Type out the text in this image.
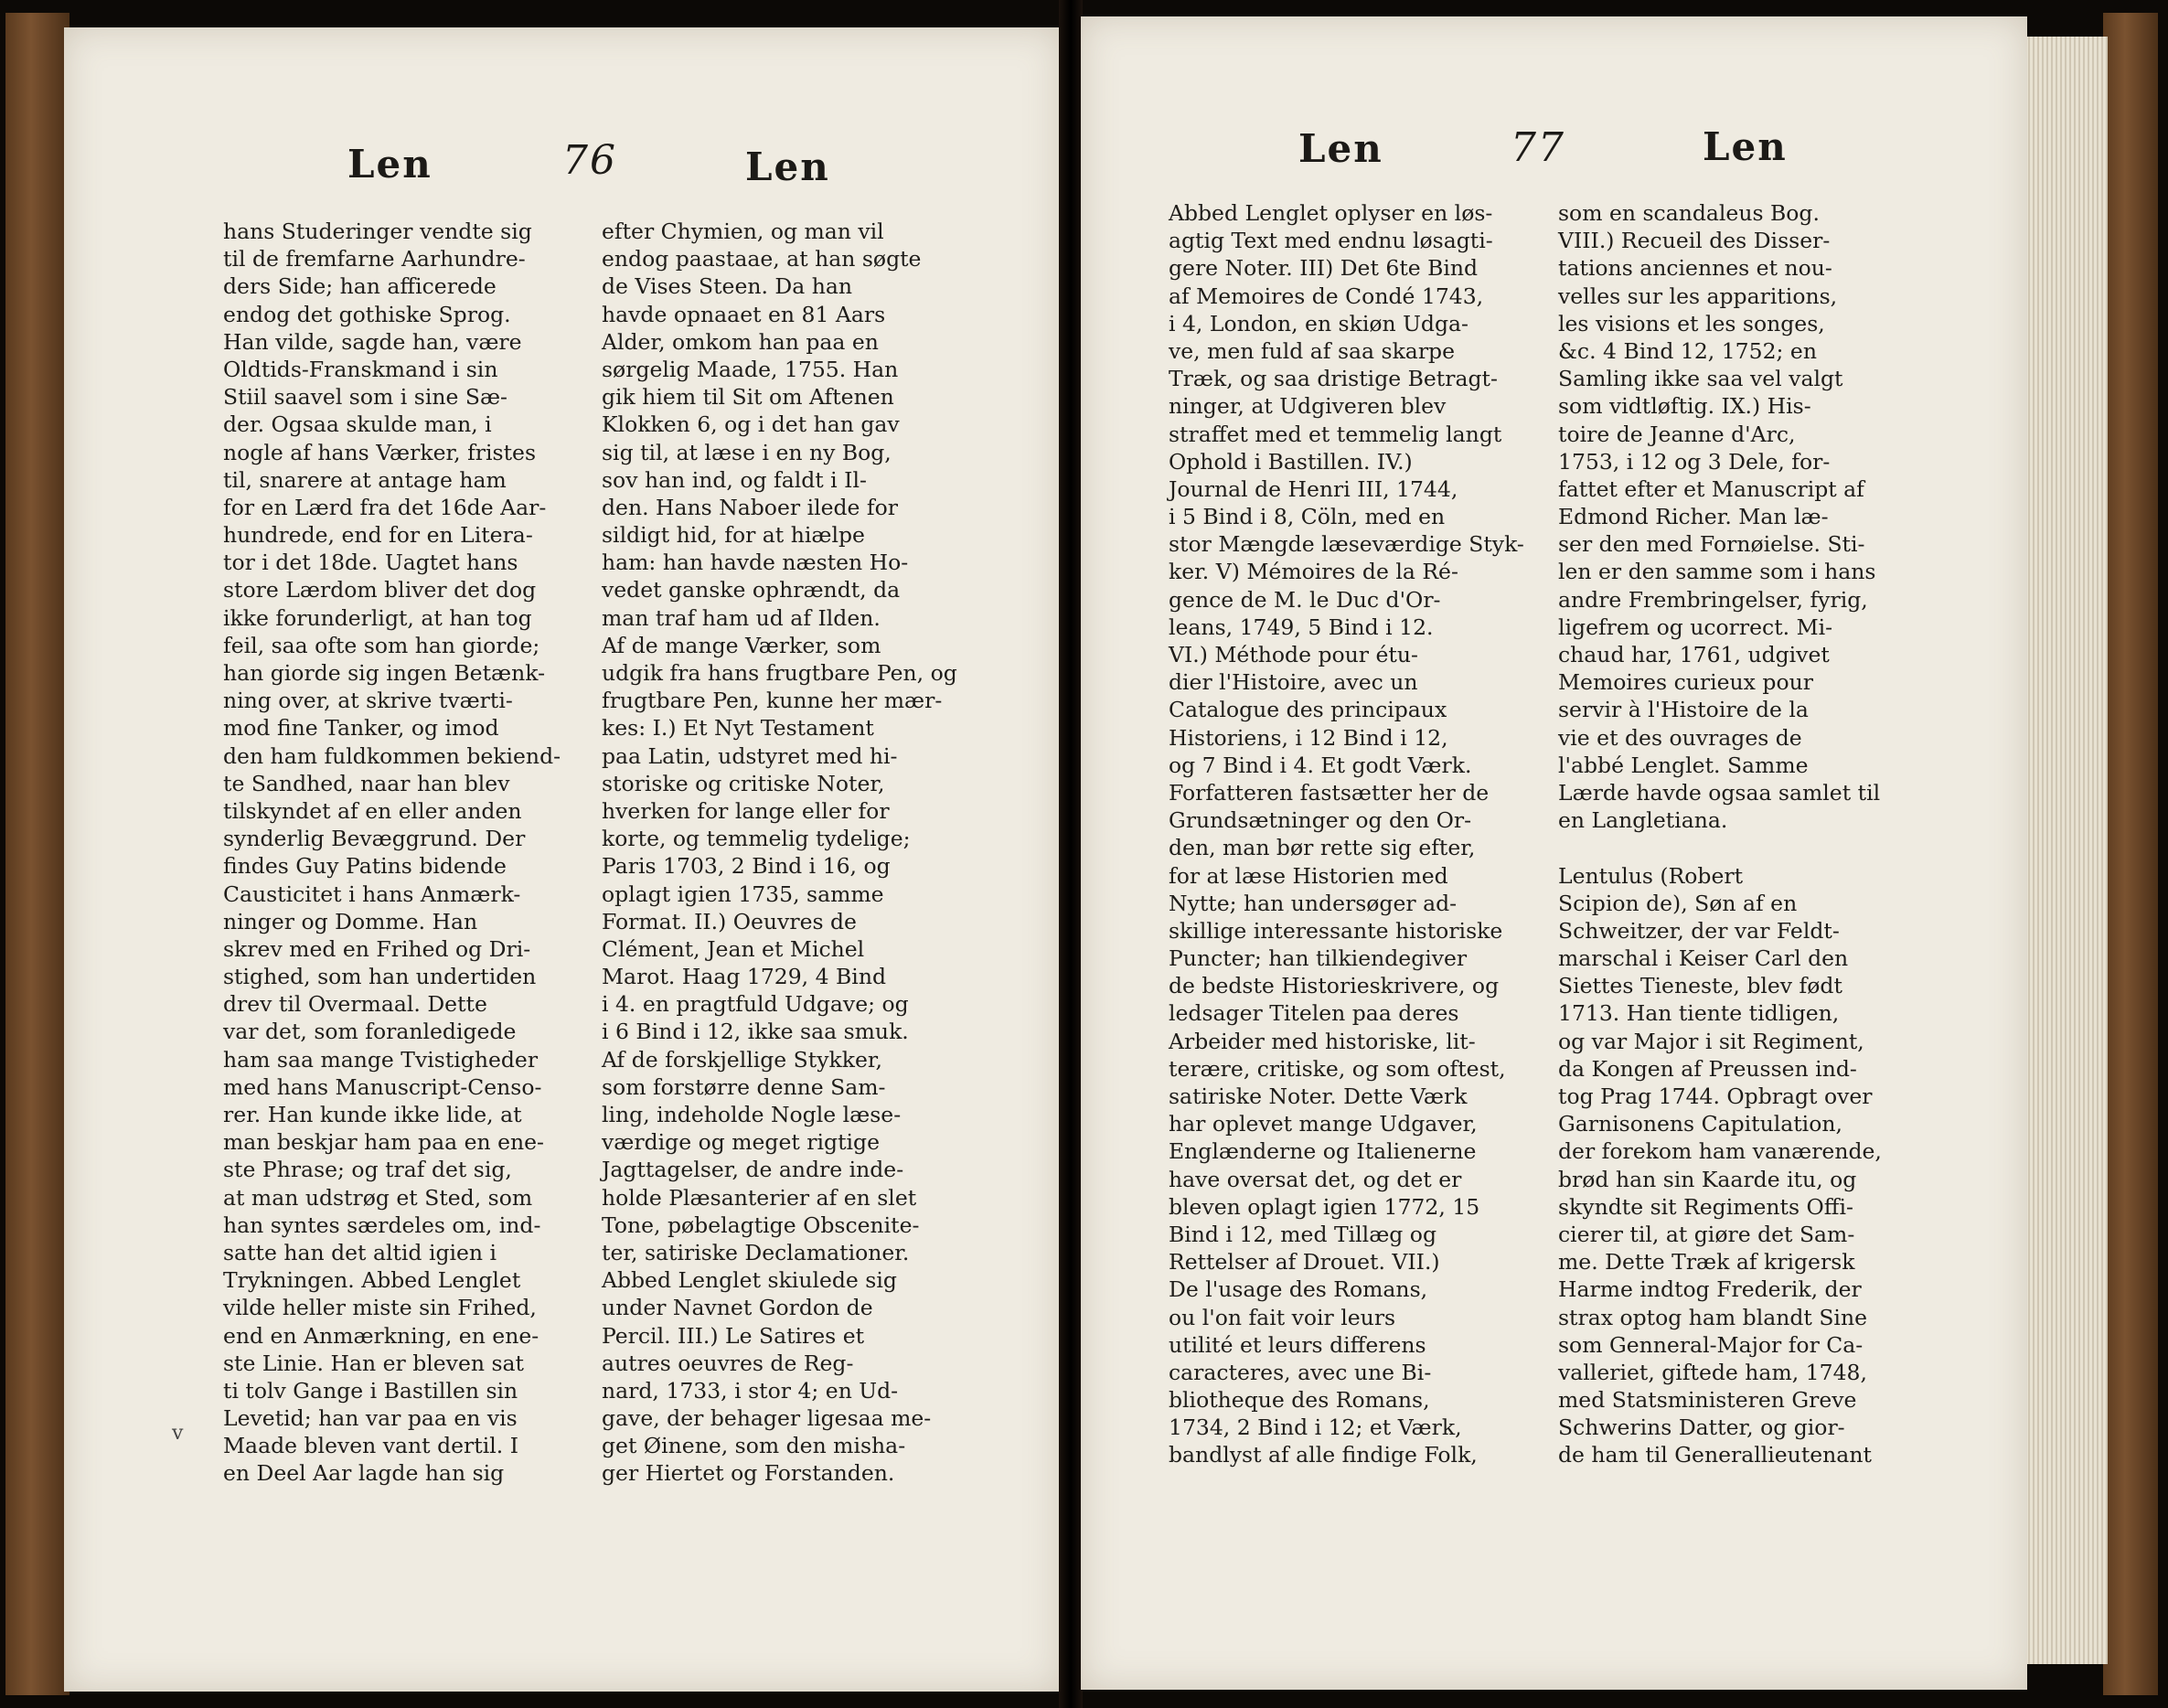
Len	76	Len
hans Studeringer vendte sig
til de fremfarne Aarhundre-
ders Side; han afficerede
endog det gothiske Sprog.
Han vilde, sagde han, være
Oldtids-Franskmand i sin
Stiil saavel som i sine Sæ-
der. Ogsaa skulde man, i
nogle af hans Værker, fristes
til, snarere at antage ham
for en Lærd fra det 16de Aar-
hundrede, end for en Litera-
tor i det 18de. Uagtet hans
store Lærdom bliver det dog
ikke forunderligt, at han tog
feil, saa ofte som han giorde;
han giorde sig ingen Betænk-
ning over, at skrive tværti-
mod fine Tanker, og imod
den ham fuldkommen bekiend-
te Sandhed, naar han blev
tilskyndet af en eller anden
synderlig Bevæggrund. Der
findes Guy Patins bidende
Causticitet i hans Anmærk-
ninger og Domme. Han
skrev med en Frihed og Dri-
stighed, som han undertiden
drev til Overmaal. Dette
var det, som foranledigede
ham saa mange Tvistigheder
med hans Manuscript-Censo-
rer. Han kunde ikke lide, at
man beskjar ham paa en ene-
ste Phrase; og traf det sig,
at man udstrøg et Sted, som
han syntes særdeles om, ind-
satte han det altid igien i
Trykningen. Abbed Lenglet
vilde heller miste sin Frihed,
end en Anmærkning, en ene-
ste Linie. Han er bleven sat
ti tolv Gange i Bastillen sin
Levetid; han var paa en vis
Maade bleven vant dertil. I
en Deel Aar lagde han sig
efter Chymien, og man vil
endog paastaae, at han søgte
de Vises Steen. Da han
havde opnaaet en 81 Aars
Alder, omkom han paa en
sørgelig Maade, 1755. Han
gik hiem til Sit om Aftenen
Klokken 6, og i det han gav
sig til, at læse i en ny Bog,
sov han ind, og faldt i Il-
den. Hans Naboer ilede for
sildigt hid, for at hiælpe
ham: han havde næsten Ho-
vedet ganske ophrændt, da
man traf ham ud af Ilden.
Af de mange Værker, som
udgik fra hans frugtbare Pen, og
frugtbare Pen, kunne her mær-
kes: I.) Et Nyt Testament
paa Latin, udstyret med hi-
storiske og critiske Noter,
hverken for lange eller for
korte, og temmelig tydelige;
Paris 1703, 2 Bind i 16, og
oplagt igien 1735, samme
Format. II.) Oeuvres de
Clément, Jean et Michel
Marot. Haag 1729, 4 Bind
i 4. en pragtfuld Udgave; og
i 6 Bind i 12, ikke saa smuk.
Af de forskjellige Stykker,
som forstørre denne Sam-
ling, indeholde Nogle læse-
værdige og meget rigtige
Jagttagelser, de andre inde-
holde Plæsanterier af en slet
Tone, pøbelagtige Obscenite-
ter, satiriske Declamationer.
Abbed Lenglet skiulede sig
under Navnet Gordon de
Percil. III.) Le Satires et
autres oeuvres de Reg-
nard, 1733, i stor 4; en Ud-
gave, der behager ligesaa me-
get Øinene, som den misha-
ger Hiertet og Forstanden.
v
Len	77	Len
Abbed Lenglet oplyser en løs-
agtig Text med endnu løsagti-
gere Noter. III) Det 6te Bind
af Memoires de Condé 1743,
i 4, London, en skiøn Udga-
ve, men fuld af saa skarpe
Træk, og saa dristige Betragt-
ninger, at Udgiveren blev
straffet med et temmelig langt
Ophold i Bastillen. IV.)
Journal de Henri III, 1744,
i 5 Bind i 8, Cöln, med en
stor Mængde læseværdige Styk-
ker. V) Mémoires de la Ré-
gence de M. le Duc d'Or-
leans, 1749, 5 Bind i 12.
VI.) Méthode pour étu-
dier l'Histoire, avec un
Catalogue des principaux
Historiens, i 12 Bind i 12,
og 7 Bind i 4. Et godt Værk.
Forfatteren fastsætter her de
Grundsætninger og den Or-
den, man bør rette sig efter,
for at læse Historien med
Nytte; han undersøger ad-
skillige interessante historiske
Puncter; han tilkiendegiver
de bedste Historieskrivere, og
ledsager Titelen paa deres
Arbeider med historiske, lit-
terære, critiske, og som oftest,
satiriske Noter. Dette Værk
har oplevet mange Udgaver,
Englænderne og Italienerne
have oversat det, og det er
bleven oplagt igien 1772, 15
Bind i 12, med Tillæg og
Rettelser af Drouet. VII.)
De l'usage des Romans,
ou l'on fait voir leurs
utilité et leurs differens
caracteres, avec une Bi-
bliotheque des Romans,
1734, 2 Bind i 12; et Værk,
bandlyst af alle findige Folk,
som en scandaleus Bog.
VIII.) Recueil des Disser-
tations anciennes et nou-
velles sur les apparitions,
les visions et les songes,
&c. 4 Bind 12, 1752; en
Samling ikke saa vel valgt
som vidtløftig. IX.) His-
toire de Jeanne d'Arc,
1753, i 12 og 3 Dele, for-
fattet efter et Manuscript af
Edmond Richer. Man læ-
ser den med Fornøielse. Sti-
len er den samme som i hans
andre Frembringelser, fyrig,
ligefrem og ucorrect. Mi-
chaud har, 1761, udgivet
Memoires curieux pour
servir à l'Histoire de la
vie et des ouvrages de
l'abbé Lenglet. Samme
Lærde havde ogsaa samlet til
en Langletiana.
Lentulus (Robert
Scipion de), Søn af en
Schweitzer, der var Feldt-
marschal i Keiser Carl den
Siettes Tieneste, blev født
1713. Han tiente tidligen,
og var Major i sit Regiment,
da Kongen af Preussen ind-
tog Prag 1744. Opbragt over
Garnisonens Capitulation,
der forekom ham vanærende,
brød han sin Kaarde itu, og
skyndte sit Regiments Offi-
cierer til, at giøre det Sam-
me. Dette Træk af krigersk
Harme indtog Frederik, der
strax optog ham blandt Sine
som Genneral-Major for Ca-
valleriet, giftede ham, 1748,
med Statsministeren Greve
Schwerins Datter, og gior-
de ham til Generallieutenant
